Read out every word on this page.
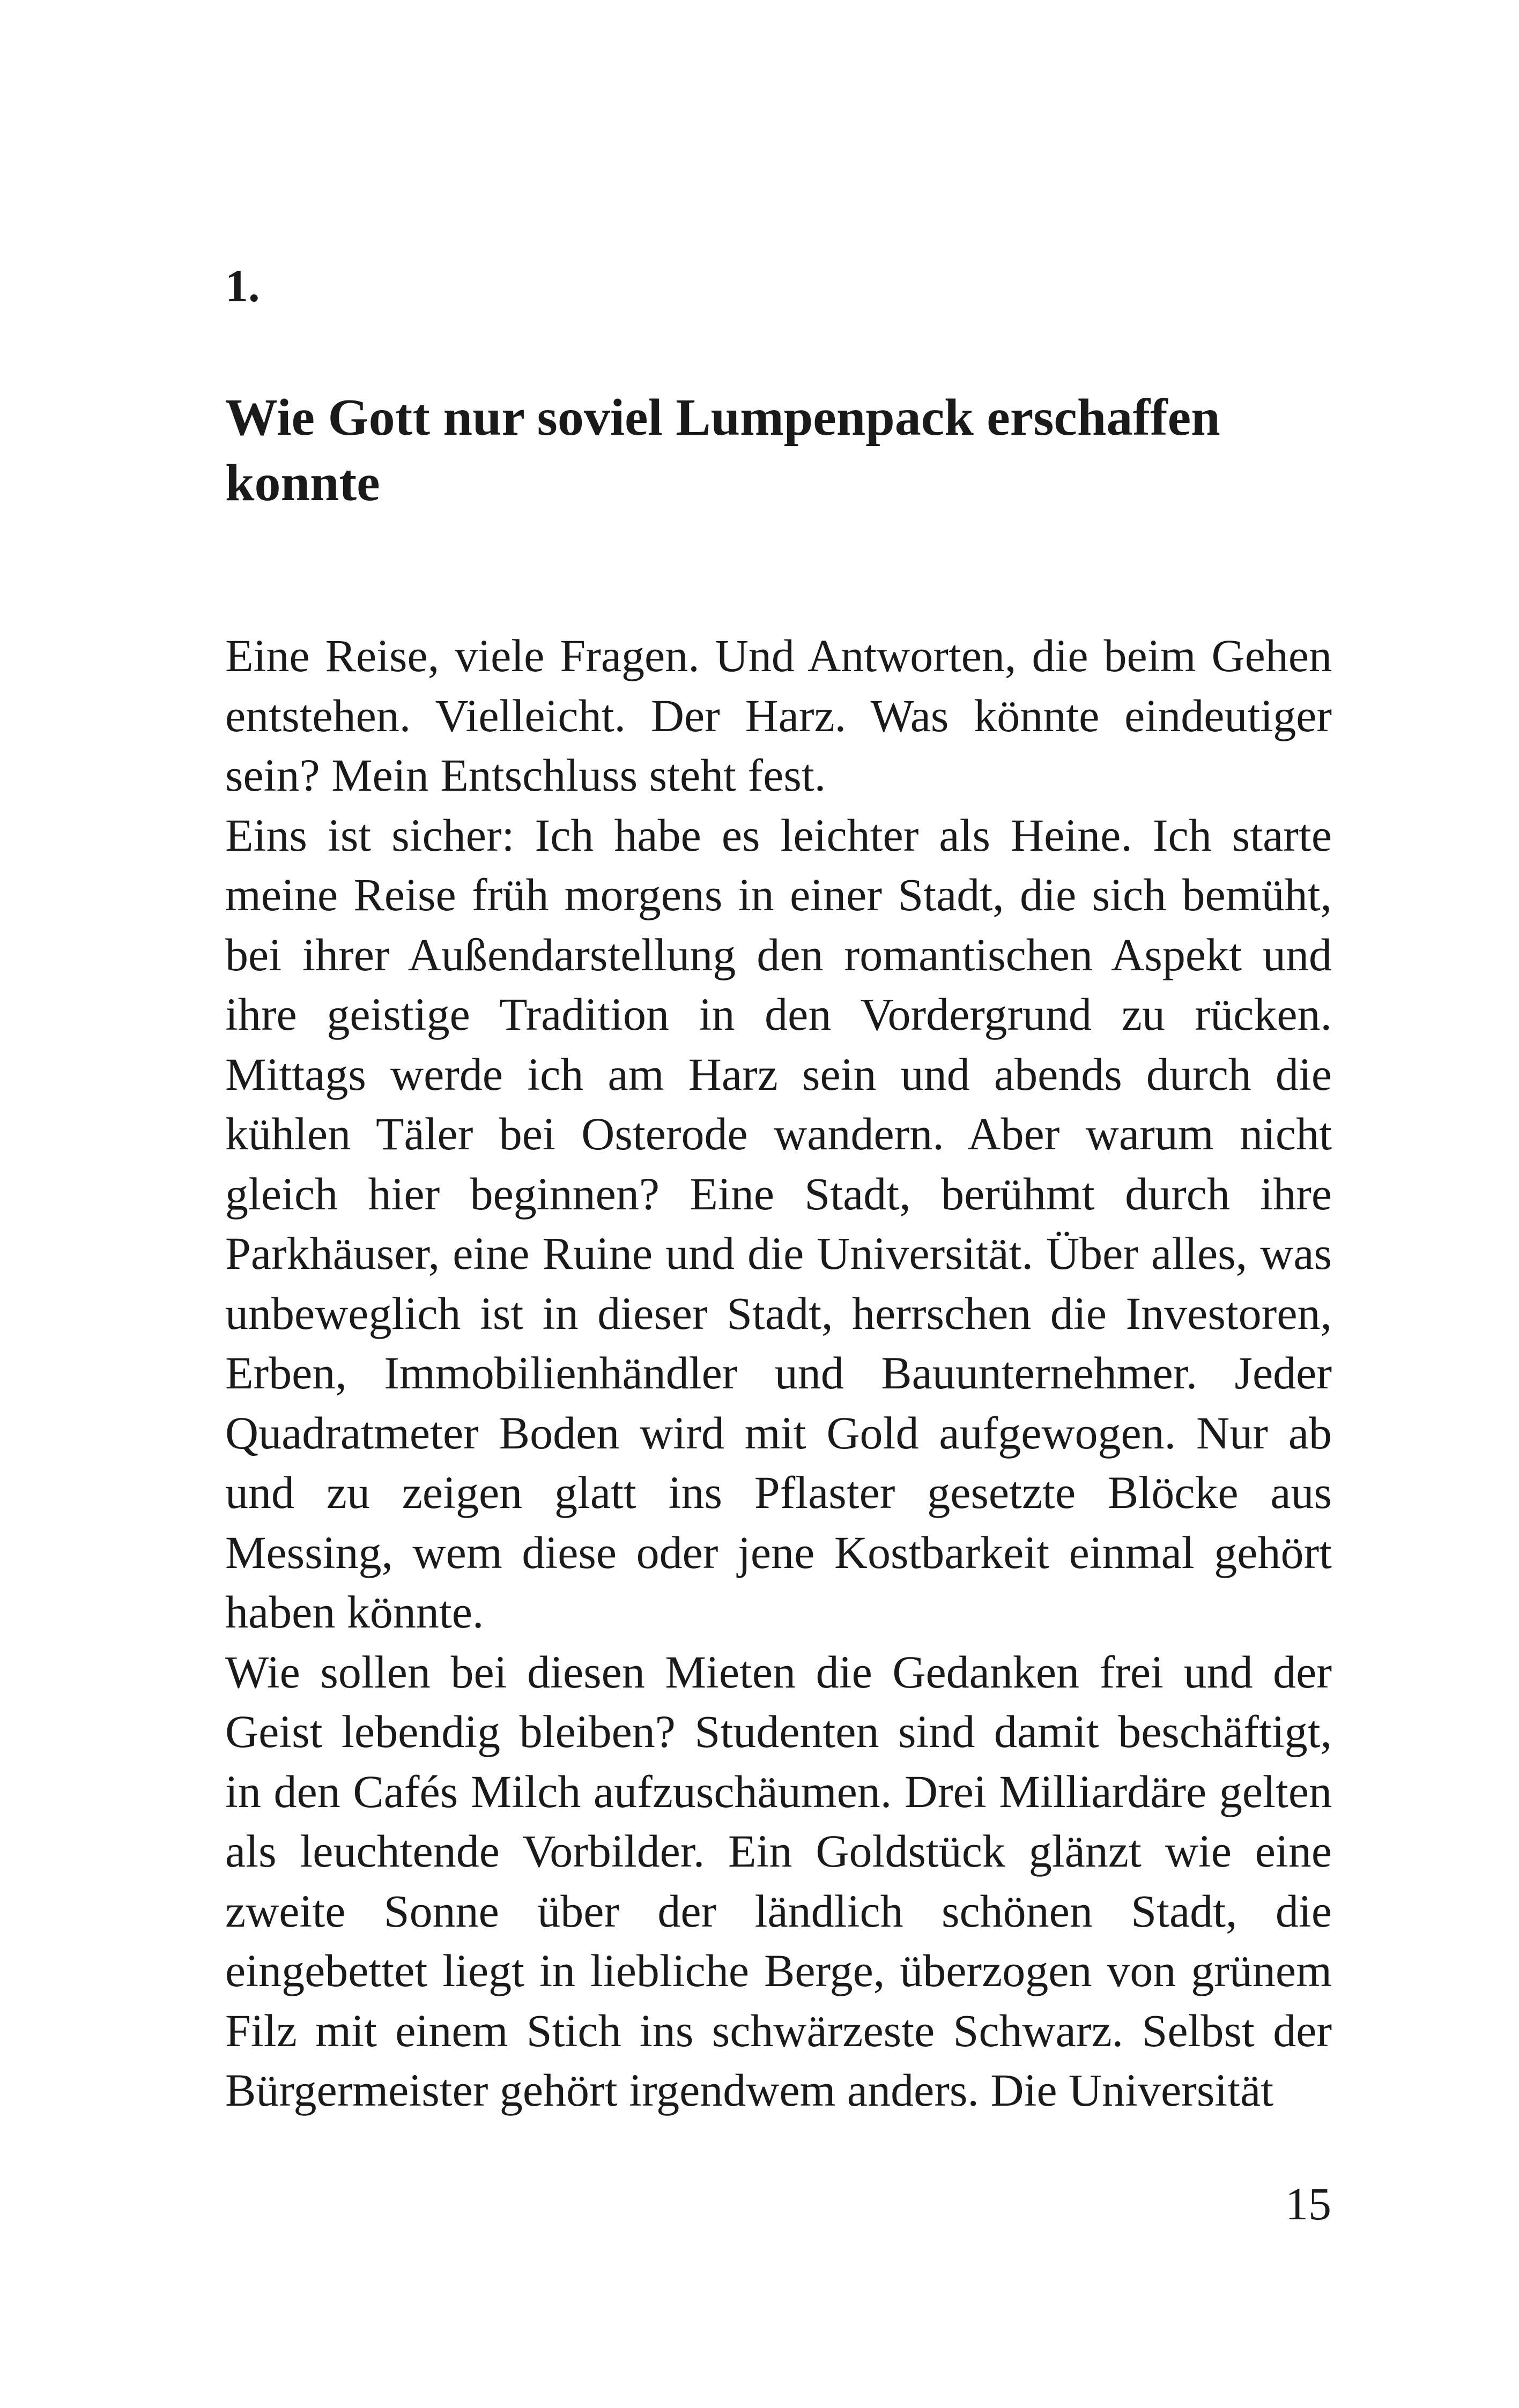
1.
Wie Gott nur soviel Lumpenpack erschaffen konnte

Eine Reise, viele Fragen. Und Antworten, die beim Gehen entstehen. Vielleicht. Der Harz. Was könnte eindeutiger sein? Mein Entschluss steht fest.

Eins ist sicher: Ich habe es leichter als Heine. Ich starte meine Reise früh morgens in einer Stadt, die sich bemüht, bei ihrer Außendarstellung den romantischen Aspekt und ihre geistige Tradition in den Vordergrund zu rücken. Mittags werde ich am Harz sein und abends durch die kühlen Täler bei Osterode wandern. Aber warum nicht gleich hier beginnen? Eine Stadt, berühmt durch ihre Parkhäuser, eine Ruine und die Universität. Über alles, was unbeweglich ist in dieser Stadt, herrschen die Investoren, Erben, Immobilienhändler und Bauunternehmer. Jeder Quadratmeter Boden wird mit Gold aufgewogen. Nur ab und zu zeigen glatt ins Pflaster gesetzte Blöcke aus Messing, wem diese oder jene Kostbarkeit einmal gehört haben könnte.

Wie sollen bei diesen Mieten die Gedanken frei und der Geist lebendig bleiben? Studenten sind damit beschäftigt, in den Cafés Milch aufzuschäumen. Drei Milliardäre gelten als leuchtende Vorbilder. Ein Goldstück glänzt wie eine zweite Sonne über der ländlich schönen Stadt, die eingebettet liegt in liebliche Berge, überzogen von grünem Filz mit einem Stich ins schwärzeste Schwarz. Selbst der Bürgermeister gehört irgendwem anders. Die Universität

15
